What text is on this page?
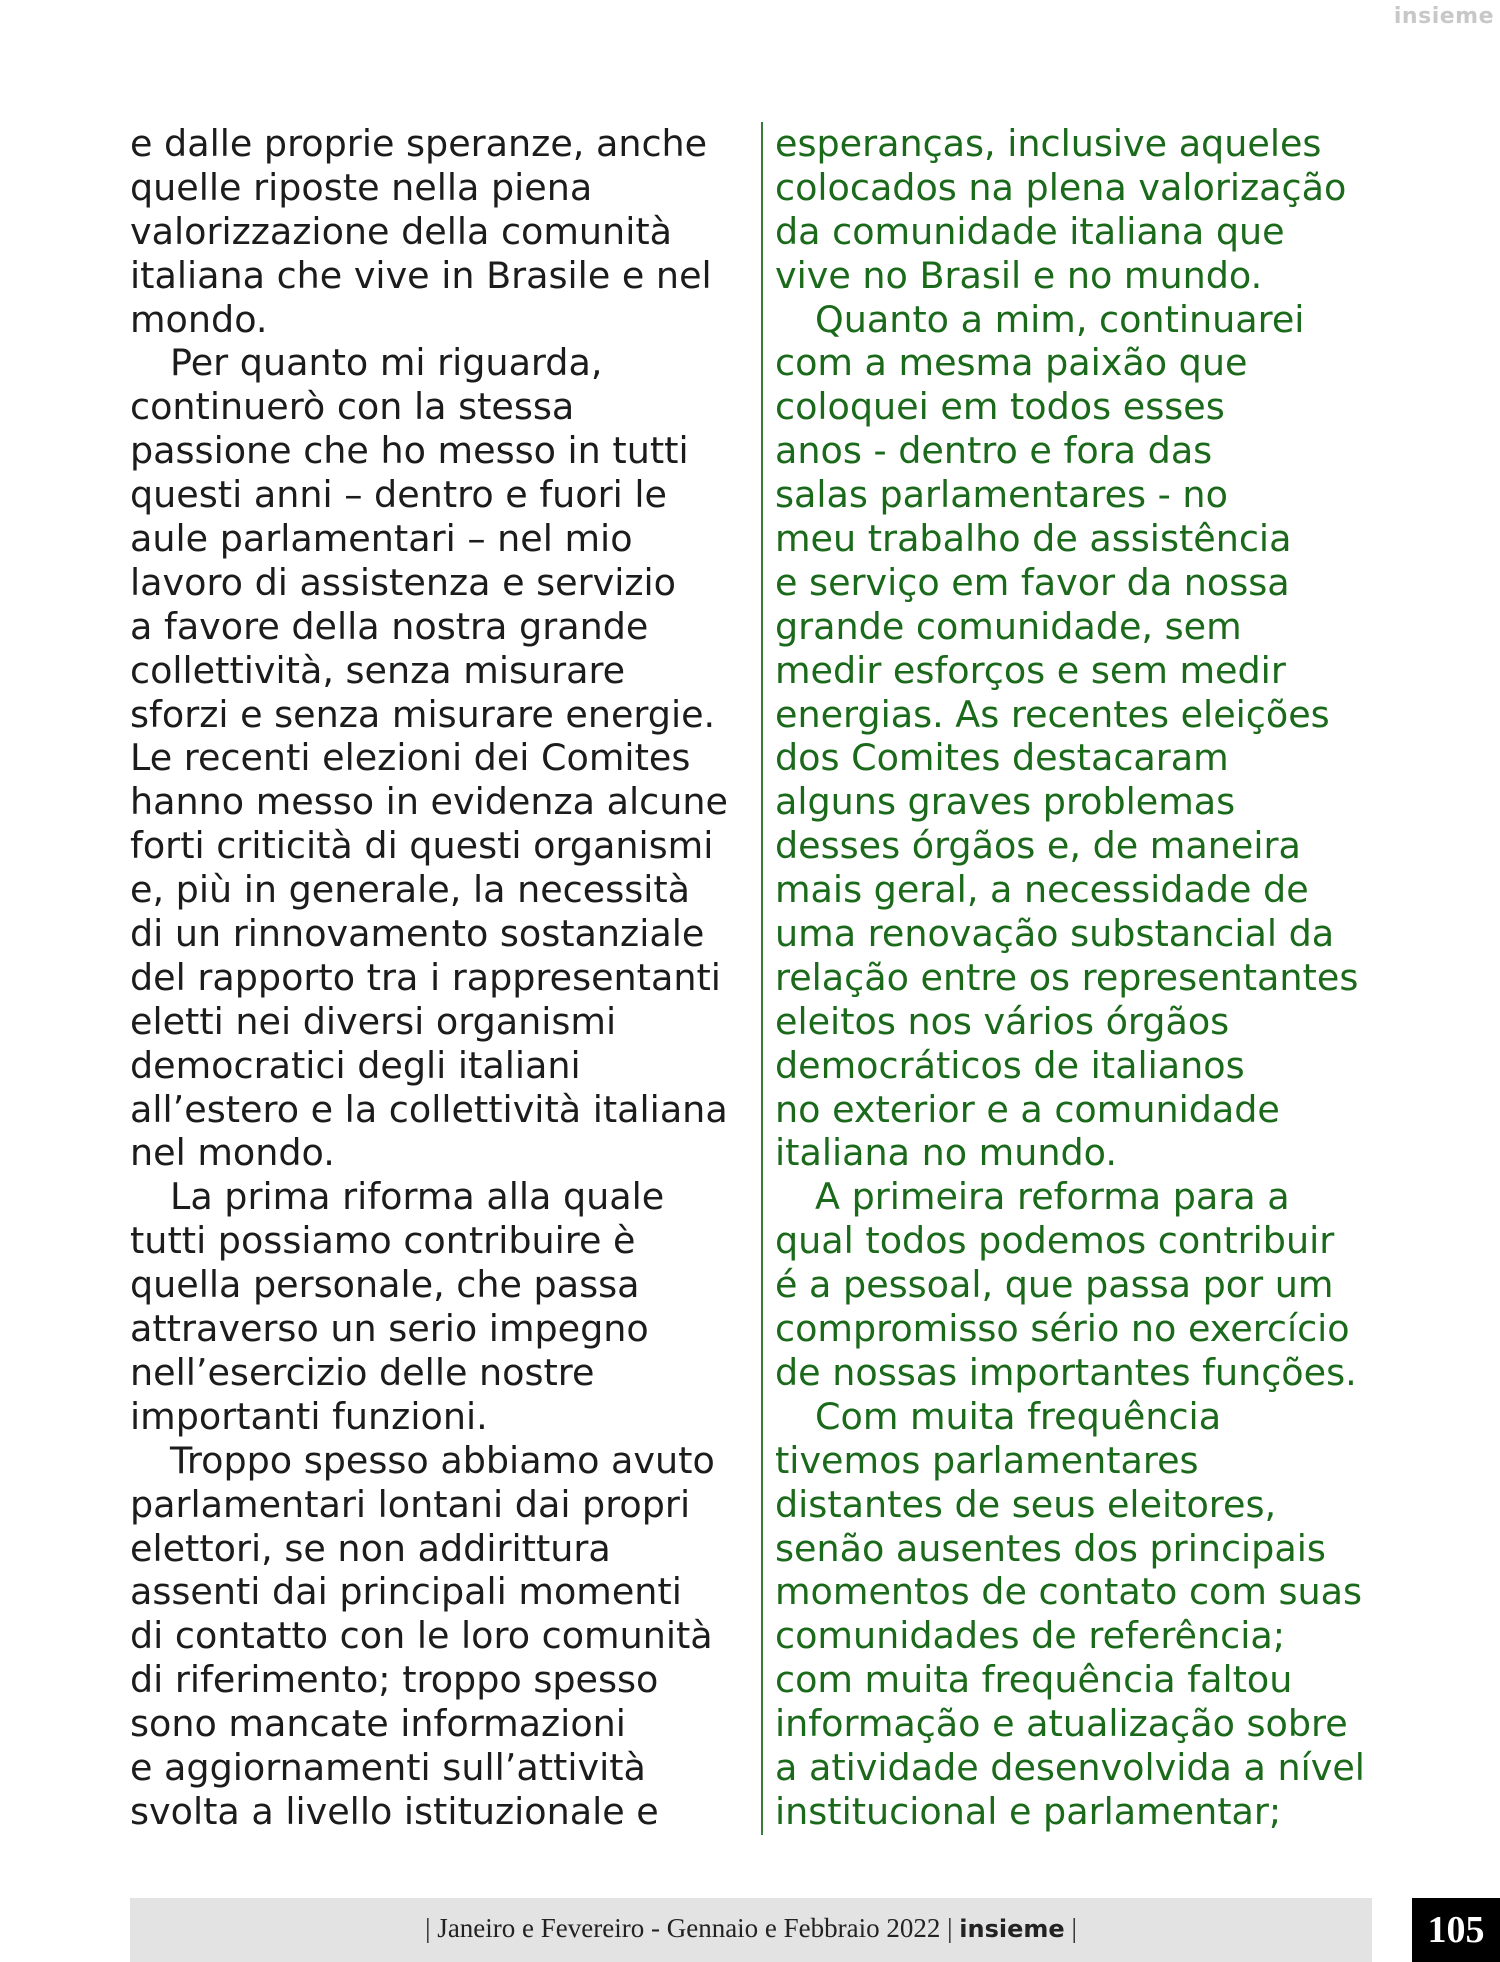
insieme
e dalle proprie speranze, anche
quelle riposte nella piena
valorizzazione della comunità
italiana che vive in Brasile e nel
mondo.
Per quanto mi riguarda,
continuerò con la stessa
passione che ho messo in tutti
questi anni – dentro e fuori le
aule parlamentari – nel mio
lavoro di assistenza e servizio
a favore della nostra grande
collettività, senza misurare
sforzi e senza misurare energie.
Le recenti elezioni dei Comites
hanno messo in evidenza alcune
forti criticità di questi organismi
e, più in generale, la necessità
di un rinnovamento sostanziale
del rapporto tra i rappresentanti
eletti nei diversi organismi
democratici degli italiani
all’estero e la collettività italiana
nel mondo.
La prima riforma alla quale
tutti possiamo contribuire è
quella personale, che passa
attraverso un serio impegno
nell’esercizio delle nostre
importanti funzioni.
Troppo spesso abbiamo avuto
parlamentari lontani dai propri
elettori, se non addirittura
assenti dai principali momenti
di contatto con le loro comunità
di riferimento; troppo spesso
sono mancate informazioni
e aggiornamenti sull’attività
svolta a livello istituzionale e
esperanças, inclusive aqueles
colocados na plena valorização
da comunidade italiana que
vive no Brasil e no mundo.
Quanto a mim, continuarei
com a mesma paixão que
coloquei em todos esses
anos - dentro e fora das
salas parlamentares - no
meu trabalho de assistência
e serviço em favor da nossa
grande comunidade, sem
medir esforços e sem medir
energias. As recentes eleições
dos Comites destacaram
alguns graves problemas
desses órgãos e, de maneira
mais geral, a necessidade de
uma renovação substancial da
relação entre os representantes
eleitos nos vários órgãos
democráticos de italianos
no exterior e a comunidade
italiana no mundo.
A primeira reforma para a
qual todos podemos contribuir
é a pessoal, que passa por um
compromisso sério no exercício
de nossas importantes funções.
Com muita frequência
tivemos parlamentares
distantes de seus eleitores,
senão ausentes dos principais
momentos de contato com suas
comunidades de referência;
com muita frequência faltou
informação e atualização sobre
a atividade desenvolvida a nível
institucional e parlamentar;
| Janeiro e Fevereiro - Gennaio e Febbraio 2022 | insieme |	105
